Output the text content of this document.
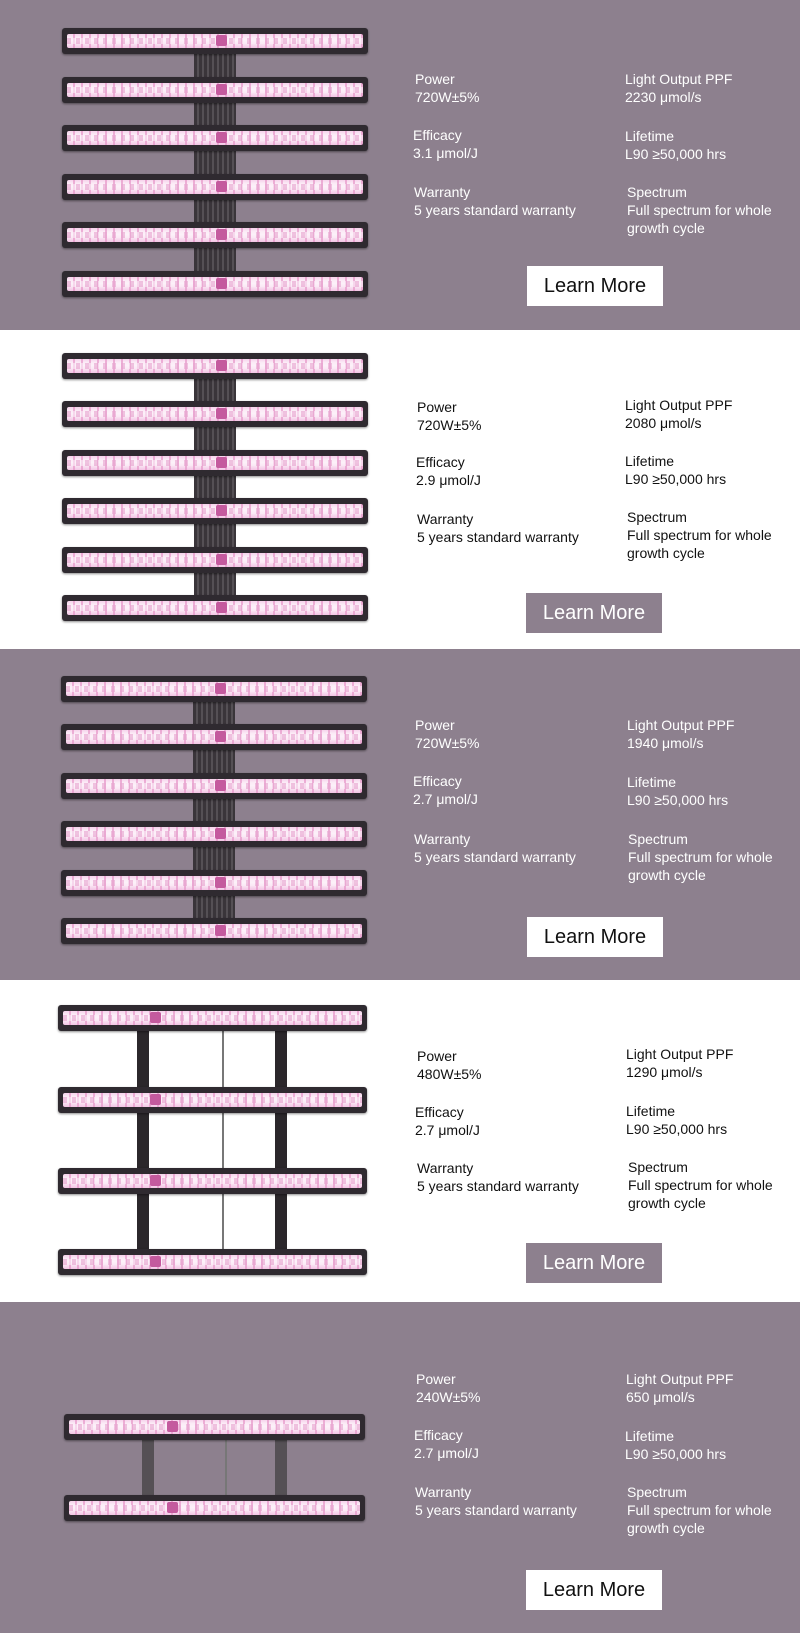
Power
720W±5%
Light Output PPF
2230 μmol/s
Efficacy
3.1 μmol/J
Lifetime
L90 ≥50,000 hrs
Warranty
5 years standard warranty
Spectrum
Full spectrum for whole
growth cycle
Learn More
Power
720W±5%
Light Output PPF
2080 μmol/s
Efficacy
2.9 μmol/J
Lifetime
L90 ≥50,000 hrs
Warranty
5 years standard warranty
Spectrum
Full spectrum for whole
growth cycle
Learn More
Power
720W±5%
Light Output PPF
1940 μmol/s
Efficacy
2.7 μmol/J
Lifetime
L90 ≥50,000 hrs
Warranty
5 years standard warranty
Spectrum
Full spectrum for whole
growth cycle
Learn More
Power
480W±5%
Light Output PPF
1290 μmol/s
Efficacy
2.7 μmol/J
Lifetime
L90 ≥50,000 hrs
Warranty
5 years standard warranty
Spectrum
Full spectrum for whole
growth cycle
Learn More
Power
240W±5%
Light Output PPF
650 μmol/s
Efficacy
2.7 μmol/J
Lifetime
L90 ≥50,000 hrs
Warranty
5 years standard warranty
Spectrum
Full spectrum for whole
growth cycle
Learn More
